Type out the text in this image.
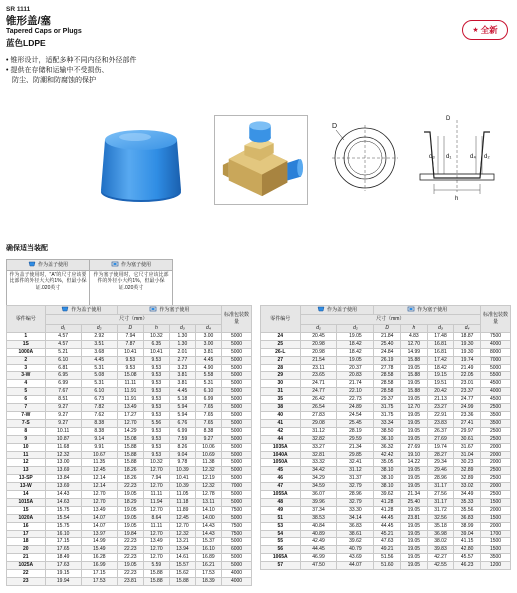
SR 1111
锥形盖/塞
Tapered Caps or Plugs
蓝色LDPE
• 锥形设计，适配多种不同内径和外径部件
• 提供在存储和运输中不受损伤、
防尘、防潮和防腐蚀的保护
★ 全新
D
d₃ d₁	d₄ d₂
h
D
确保适当装配
作为盖子使用	作为塞子使用
作为盖子使用时，"A"的尺寸应该要比部件的外径大大约1%，但最小保证.020英寸	作为塞子使用时，它尺寸应该比部件的外径小大约1%，但最小保证.020英寸
零件编号	作为盖子使用		作为塞子使用				标准包装数量
	尺寸（mm）						
	d₁	d₂	D	h	d₃	d₄	
1	4.57	2.92	7.94	10.32	1.30	3.00	5000
1S	4.57	3.51	7.87	6.35	1.30	3.00	5000
1000A	5.21	3.68	10.41	10.41	2.01	3.81	5000
2	6.10	4.45	9.53	9.53	2.77	4.45	5000
3	6.81	5.31	9.53	9.53	3.23	4.90	5000
3-W	6.95	5.08	15.08	9.53	3.81	5.58	5000
4	6.99	5.31	11.11	9.53	3.81	5.31	5000
5	7.67	6.10	11.91	9.53	4.45	6.10	5000
6	8.51	6.73	11.91	9.53	5.18	6.99	5000
7	9.27	7.82	13.49	9.53	5.94	7.65	5000
7-W	9.27	7.62	17.27	9.53	5.94	7.65	5000
7-S	9.27	8.38	12.70	5.56	6.76	7.65	5000
8	10.11	8.38	14.29	9.53	6.99	8.38	5000
9	10.87	9.14	15.08	9.53	7.59	9.27	5000
10	11.68	9.91	15.88	9.53	8.26	10.06	5000
11	12.32	10.67	15.88	9.53	9.04	10.69	5000
12	13.00	11.35	15.88	10.32	9.78	11.38	5000
13	13.69	12.45	18.26	12.70	10.39	12.32	5000
13-SP	13.84	12.14	18.26	7.94	10.41	12.19	5000
13-W	13.69	12.14	22.23	12.70	10.39	12.32	7000
14	14.43	12.70	19.05	11.11	11.05	12.78	5000
1015A	14.63	12.70	18.29	11.94	11.18	13.11	5000
15	15.75	13.49	19.05	12.70	11.89	14.10	7500
1020A	15.54	14.07	19.05	8.64	12.45	14.00	5000
16	15.75	14.07	19.05	11.11	12.70	14.43	7500
17	16.10	13.97	19.84	12.70	12.32	14.43	7500
18	17.15	14.99	22.23	13.49	13.21	15.37	5000
20	17.65	15.49	22.23	12.70	13.94	16.10	6000
21	18.49	16.28	22.23	12.70	14.61	16.89	5000
1025A	17.63	16.99	19.05	5.59	15.57	16.21	5000
22	19.15	17.15	22.23	15.88	15.62	17.53	4000
23	19.94	17.53	23.81	15.88	15.88	18.39	4000
零件编号	作为盖子使用		作为塞子使用				标准包装数量
	尺寸（mm）						
	d₁	d₂	D	h	d₃	d₄	
24	20.45	19.05	21.84	4.83	17.48	18.87	7500
25	20.98	18.42	25.40	12.70	16.81	19.30	4000
26-L	20.98	18.42	24.84	14.99	16.81	19.30	8000
27	21.54	19.05	26.19	15.88	17.42	19.74	7000
28	23.11	20.37	27.78	19.05	18.42	21.49	5000
29	23.65	20.83	28.58	15.88	19.15	22.05	5500
30	24.71	21.74	28.58	19.05	19.51	23.01	4500
31	24.77	22.10	28.58	15.88	20.42	23.37	4000
35	26.42	22.73	29.37	19.05	21.13	24.77	4500
38	26.54	24.89	31.75	12.70	23.27	24.99	2500
40	27.83	24.54	31.75	19.05	22.91	23.36	3500
41	29.08	25.45	33.34	19.05	23.83	27.41	3500
42	31.12	28.19	38.50	19.05	26.37	29.97	2500
44	32.82	29.59	36.10	19.05	27.69	30.61	2500
1035A	33.27	21.34	36.32	27.69	19.74	31.67	2000
1040A	32.81	29.85	42.42	19.10	28.27	31.04	2000
1050A	33.32	32.41	35.05	14.22	29.34	30.23	2000
45	34.42	31.12	38.10	19.05	29.46	32.89	2500
46	34.29	31.37	38.10	19.05	28.96	32.89	2500
47	34.59	32.79	38.10	19.05	31.17	33.02	2000
1055A	36.07	28.96	39.62	21.34	27.56	34.49	2500
48	39.96	32.79	41.28	25.40	31.17	35.33	1500
49	37.34	33.30	41.28	19.05	31.72	35.56	2000
51	38.53	34.14	44.45	23.81	32.56	36.83	1500
53	40.84	36.83	44.45	19.05	35.18	38.99	2000
54	40.89	38.61	45.21	19.05	36.98	39.04	1700
55	42.49	39.62	47.63	19.05	38.02	41.15	1500
56	44.45	40.79	49.21	19.05	39.83	42.80	1500
1065A	46.99	43.69	51.56	19.05	42.27	45.57	3500
57	47.50	44.07	51.60	19.05	42.55	46.23	1200
